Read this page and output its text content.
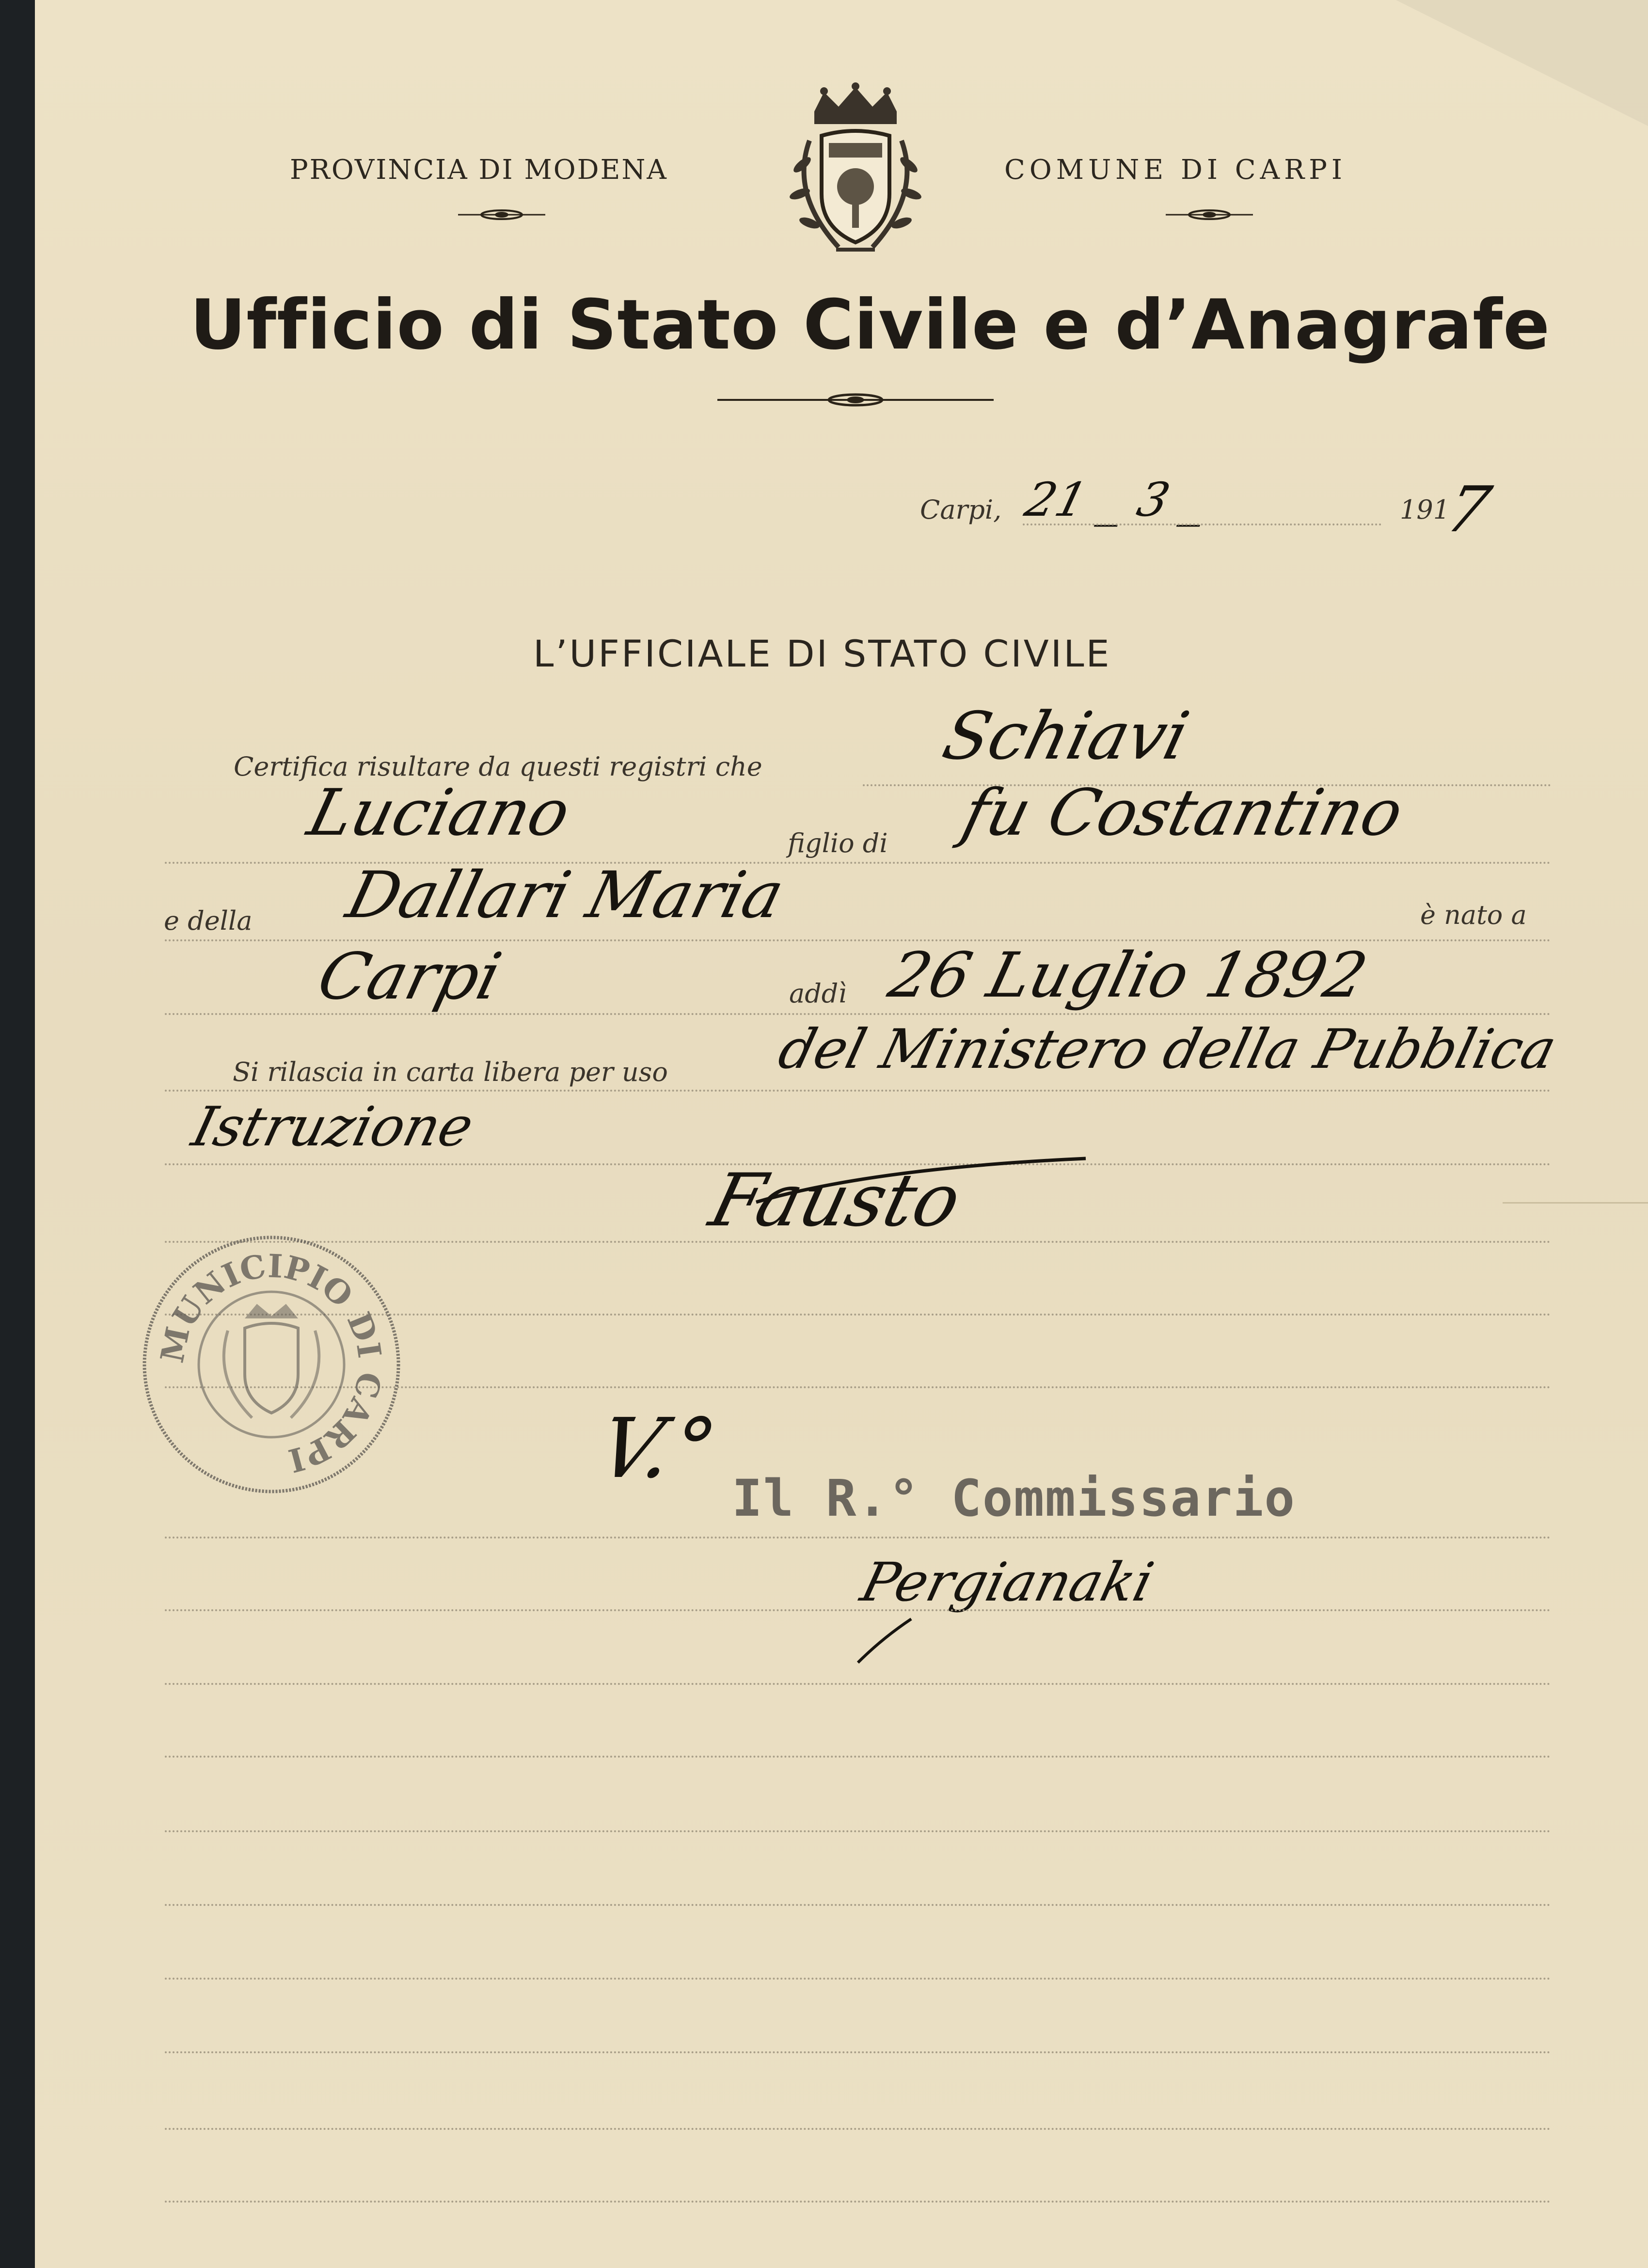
PROVINCIA DI MODENA	COMUNE DI CARPI
Ufficio di Stato Civile e d’Anagrafe
Carpi, 21 _ 3 _	191
7
L’UFFICIALE DI STATO CIVILE
Certifica risultare da questi registri che	Schiavi
Luciano	figlio di fu Costantino
e della Dallari Maria	è nato a
Carpi	addì 26 Luglio 1892
Si rilascia in carta libera per uso del Ministero della Pubblica
Istruzione
Fausto
MUNICIPIO DI CARPI	V.°
Il R.° Commissario
Pergianaki
